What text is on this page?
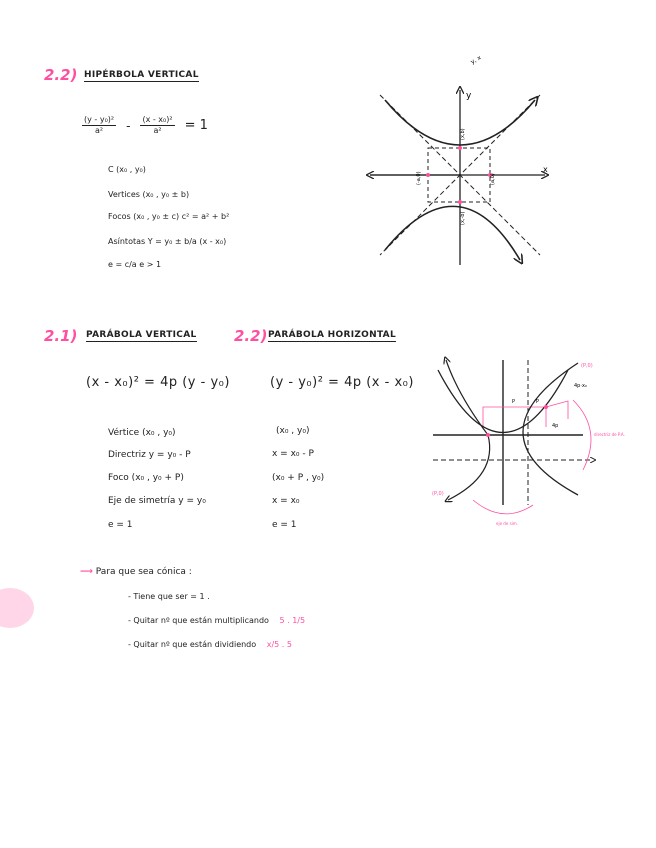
2.2) HIPÉRBOLA VERTICAL
$\frac{\text{(y - y₀)²}}{\text{a²}} - \frac{\text{(x - x₀)²}}{\text{a²}} = 1$
C (x₀ , y₀)
Vertices (x₀ , y₀ ± b)
Focos (x₀ , y₀ ± c) c² = a² + b²
Asíntotas Y = y₀ ± b/a (x - x₀)
e = c/a e > 1
y
x
(x,b)
(x,-b)
(-a,0)	(a,0)
y, x
2.1) PARÁBOLA VERTICAL
(x - x₀)² = 4p (y - y₀)
Vértice (x₀ , y₀)
Directriz y = y₀ - P
Foco (x₀ , y₀ + P)
Eje de simetría y = y₀
e = 1
2.2) PARÁBOLA HORIZONTAL
(y - y₀)² = 4p (x - x₀)
(x₀ , y₀)
x = x₀ - P
(x₀ + P , y₀)
x = x₀
e = 1
(P,0)
4p·x₀
(P,0)
directriz de P.A.
eje de sim.
P	P
4p
⟶ Para que sea cónica :
- Tiene que ser = 1 .
- Quitar nº que están multiplicando 5 . 1/5
- Quitar nº que están dividiendo x/5 . 5
